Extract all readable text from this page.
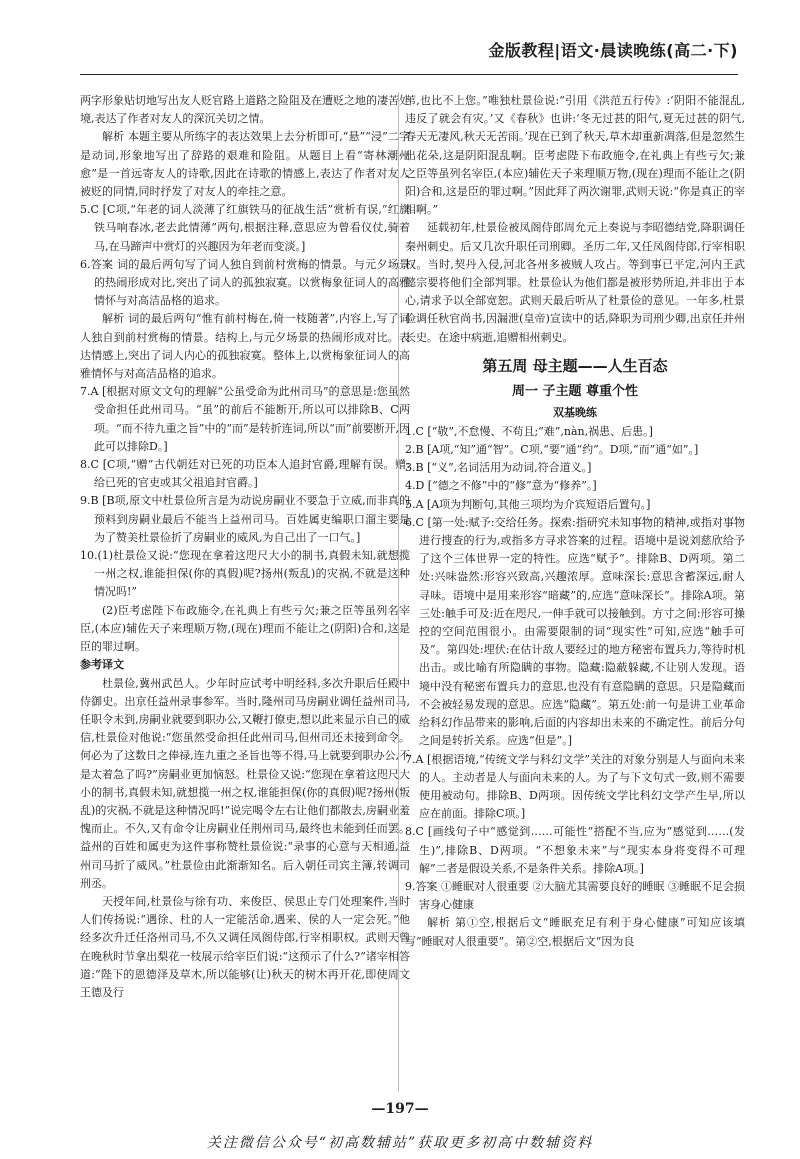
金版教程|语文·晨读晚练(高二·下)

两字形象贴切地写出友人贬官路上道路之险阻及在遭贬之地的凄苦处境,表达了作者对友人的深沉关切之情。

解析 本题主要从所练字的表达效果上去分析即可,“悬”“浸”二字是动词,形象地写出了辞路的艰难和险阻。从题目上看“寄林潮州愈”是一首远寄友人的诗歌,因此在诗歌的情感上,表达了作者对友人被贬的同情,同时抒发了对友人的牵挂之意。

5.C [C项,“年老的词人淡薄了红旗铁马的征战生活”赏析有误,“红旗铁马响春冰,老去此情薄”两句,根据注释,意思应为曾看仪仗,骑着马,在马蹄声中赏灯的兴趣因为年老而变淡。]

6.答案 词的最后两句写了词人独自到前村赏梅的情景。与元夕场景的热闹形成对比,突出了词人的孤独寂寞。以赏梅象征词人的高雅情怀与对高洁品格的追求。

解析 词的最后两句“惟有前村梅在,倚一枝随著”,内容上,写了词人独自到前村赏梅的情景。结构上,与元夕场景的热闹形成对比。表达情感上,突出了词人内心的孤独寂寞。整体上,以赏梅象征词人的高雅情怀与对高洁品格的追求。

7.A [根据对原文文句的理解“公虽受命为此州司马”的意思是:您虽然受命担任此州司马。“虽”的前后不能断开,所以可以排除B、C两项。“而不待九重之旨”中的“而”是转折连词,所以“而”前要断开,因此可以排除D。]

8.C [C项,“赠”古代朝廷对已死的功臣本人追封官爵,理解有误。赠:给已死的官吏或其父祖追封官爵。]

9.B [B项,原文中杜景俭所言是为动说房嗣业不要急于立威,而非真的预料到房嗣业最后不能当上益州司马。百姓属吏编职口溜主要是为了赞美杜景俭折了房嗣业的威风,为自己出了一口气。]

10.(1)杜景俭又说:“您现在拿着这咫尺大小的制书,真假未知,就想揽一州之权,谁能担保(你的真假)呢?扬州(叛乱)的灾祸,不就是这种情况吗!”

(2)臣考虑陛下布政施令,在礼典上有些亏欠;兼之臣等虽列名宰臣,(本应)辅佐天子来理顺万物,(现在)理而不能让之(阴阳)合和,这是臣的罪过啊。

参考译文

杜景俭,冀州武邑人。少年时应试考中明经科,多次升职后任殿中侍御史。出京任益州录事参军。当时,隆州司马房嗣业调任益州司马,任职令未到,房嗣业就要到职办公,又鞭打僚吏,想以此来显示自己的威信,杜景俭对他说:“您虽然受命担任此州司马,但州司还未接到命令。何必为了这数日之俸禄,连九重之圣旨也等不得,马上就要到职办公,不是太着急了吗?”房嗣业更加恼怒。杜景俭又说:“您现在拿着这咫尺大小的制书,真假未知,就想揽一州之权,谁能担保(你的真假)呢?扬州(叛乱)的灾祸,不就是这种情况吗!”说完喝令左右让他们都散去,房嗣业羞愧而止。不久,又有命令让房嗣业任荆州司马,最终也未能到任而罢。益州的百姓和属吏为这件事称赞杜景俭说:“录事的心意与天相通,益州司马折了威风。”杜景俭由此渐渐知名。后入朝任司宾主簿,转调司刑丞。

天授年间,杜景俭与徐有功、来俊臣、侯思止专门处理案件,当时人们传扬说:“遇徐、杜的人一定能活命,遇来、侯的人一定会死。”他经多次升迁任洛州司马,不久又调任凤阁侍郎,行宰相职权。武则天曾在晚秋时节拿出梨花一枝展示给宰臣们说:“这预示了什么?”诸宰相答道:“陛下的恩德泽及草木,所以能够(让)秋天的树木再开花,即使周文王德及行

苇,也比不上您。”唯独杜景俭说:“引用《洪范五行传》:‘阴阳不能混乱,违反了就会有灾。’又《春秋》也讲:‘冬无过甚的阳气,夏无过甚的阴气,春天无凄风,秋天无苦雨。’现在已到了秋天,草木却重新凋落,但是忽然生出花朵,这是阴阳混乱啊。臣考虑陛下布政施令,在礼典上有些亏欠;兼之臣等虽列名宰臣,(本应)辅佐天子来理顺万物,(现在)理而不能让之(阴阳)合和,这是臣的罪过啊。”因此拜了两次谢罪,武则天说:“你是真正的宰相啊。”

延载初年,杜景俭被凤阁侍郎周允元上奏说与李昭德结党,降职调任秦州刺史。后又几次升职任司刑卿。圣历二年,又任凤阁侍郎,行宰相职权。当时,契丹入侵,河北各州多被贼人攻占。等到事已平定,河内王武懿宗要将他们全部判罪。杜景俭认为他们都是被形势所迫,并非出于本心,请求予以全部宽恕。武则天最后听从了杜景俭的意见。一年多,杜景俭调任秋官尚书,因漏泄(皇帝)宣读中的话,降职为司刑少卿,出京任并州长史。在途中病逝,追赠相州刺史。

第五周 母主题——人生百态
周一 子主题 尊重个性
双基晚练

1.C [“敬”,不怠慢、不苟且;“难”,nàn,祸患、后患。]

2.B [A项,“知”通“智”。C项,“要”通“约”。D项,“而”通“如”。]

3.B [“义”,名词活用为动词,符合道义。]

4.D [“德之不修”中的“修”意为“修养”。]

5.A [A项为判断句,其他三项均为介宾短语后置句。]

6.C [第一处:赋予:交给任务。探索:指研究未知事物的精神,或指对事物进行搜查的行为,或指多方寻求答案的过程。语境中是说刘慈欣给予了这个三体世界一定的特性。应选“赋予”。排除B、D两项。第二处:兴味盎然:形容兴致高,兴趣浓厚。意味深长:意思含蓄深远,耐人寻味。语境中是用来形容“暗藏”的,应选“意味深长”。排除A项。第三处:触手可及:近在咫尺,一伸手就可以接触到。方寸之间:形容可操控的空间范围很小。由需要限制的词“现实性”可知,应选“触手可及”。第四处:埋伏:在估计敌人要经过的地方秘密布置兵力,等待时机出击。或比喻有所隐瞒的事物。隐藏:隐蔽躲藏,不让别人发现。语境中没有秘密布置兵力的意思,也没有有意隐瞒的意思。只是隐藏而不会被轻易发现的意思。应选“隐藏”。第五处:前一句是讲工业革命给科幻作品带来的影响,后面的内容却出未来的不确定性。前后分句之间是转折关系。应选“但是”。]

7.A [根据语境,“传统文学与科幻文学”关注的对象分别是人与面向未来的人。主动者是人与面向未来的人。为了与下文句式一致,则不需要使用被动句。排除B、D两项。因传统文学比科幻文学产生早,所以应在前面。排除C项。]

8.C [画线句子中“感觉到……可能性”搭配不当,应为“感觉到……(发生)”,排除B、D两项。“不想象未来”与“现实本身将变得不可理解”二者是假设关系,不是条件关系。排除A项。]

9.答案 ①睡眠对人很重要 ②大脑尤其需要良好的睡眠 ③睡眠不足会损害身心健康

解析 第①空,根据后文“睡眠充足有利于身心健康”可知应该填写“睡眠对人很重要”。第②空,根据后文“因为良

—197—
关注微信公众号“初高数辅站”获取更多初高中数辅资料
